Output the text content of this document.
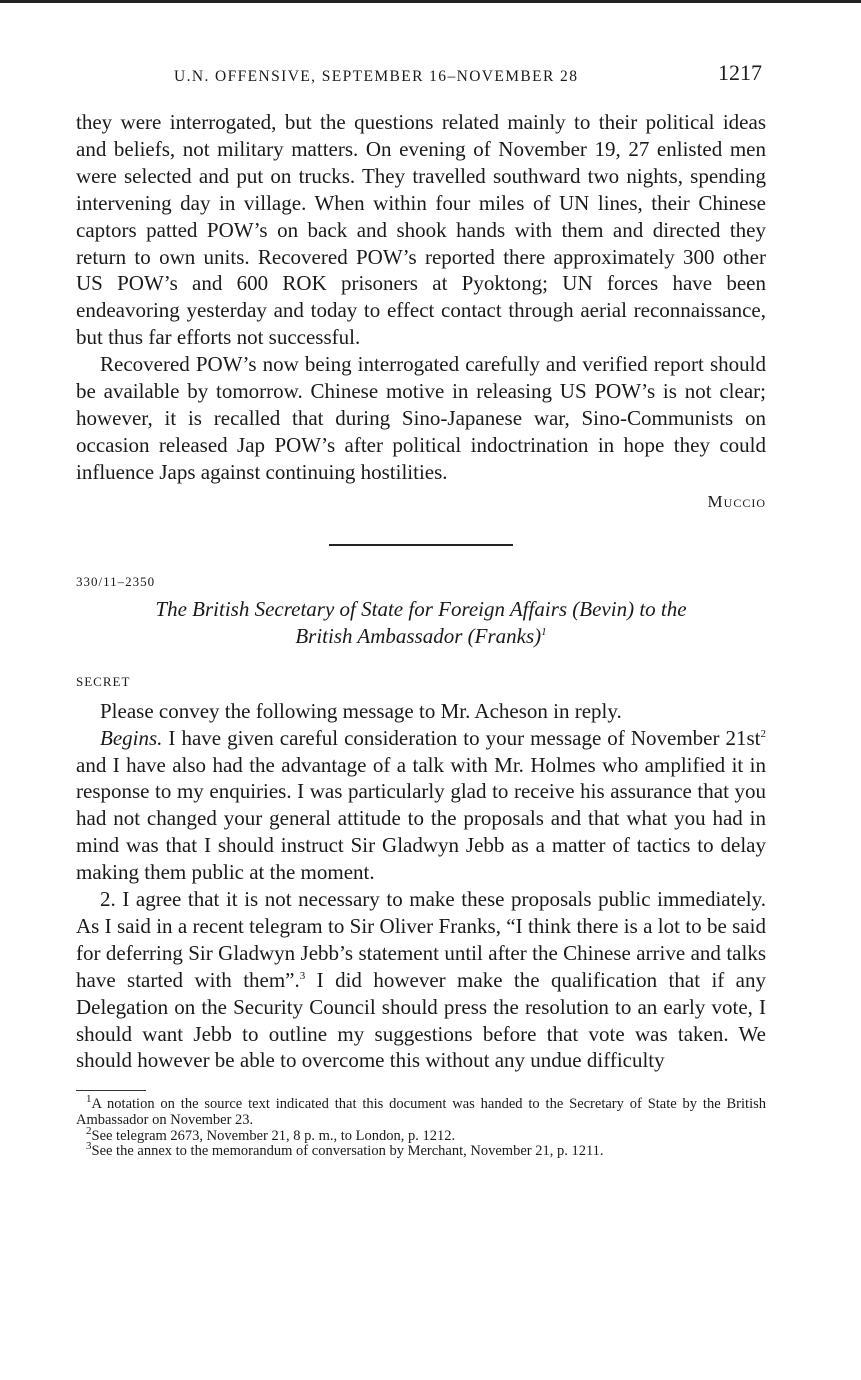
U.N. OFFENSIVE, SEPTEMBER 16–NOVEMBER 28	1217

they were interrogated, but the questions related mainly to their political ideas and beliefs, not military matters. On evening of November 19, 27 enlisted men were selected and put on trucks. They travelled southward two nights, spending intervening day in village. When within four miles of UN lines, their Chinese captors patted POW’s on back and shook hands with them and directed they return to own units. Recovered POW’s reported there approximately 300 other US POW’s and 600 ROK prisoners at Pyoktong; UN forces have been endeavoring yesterday and today to effect contact through aerial reconnaissance, but thus far efforts not successful.

Recovered POW’s now being interrogated carefully and verified report should be available by tomorrow. Chinese motive in releasing US POW’s is not clear; however, it is recalled that during Sino-Japanese war, Sino-Communists on occasion released Jap POW’s after political indoctrination in hope they could influence Japs against continuing hostilities.

Muccio
330/11–2350
The British Secretary of State for Foreign Affairs (Bevin) to the
British Ambassador (Franks)$^1$
SECRET

Please convey the following message to Mr. Acheson in reply.

Begins. I have given careful consideration to your message of November $21st^2$ and I have also had the advantage of a talk with Mr. Holmes who amplified it in response to my enquiries. I was particularly glad to receive his assurance that you had not changed your general attitude to the proposals and that what you had in mind was that I should instruct Sir Gladwyn Jebb as a matter of tactics to delay making them public at the moment.

2. I agree that it is not necessary to make these proposals public immediately. As I said in a recent telegram to Sir Oliver Franks, “I think there is a lot to be said for deferring Sir Gladwyn Jebb’s statement until after the Chinese arrive and talks have started with them”.$^3$ I did however make the qualification that if any Delegation on the Security Council should press the resolution to an early vote, I should want Jebb to outline my suggestions before that vote was taken. We should however be able to overcome this without any undue difficulty

$^1$A notation on the source text indicated that this document was handed to the Secretary of State by the British Ambassador on November 23.

$^2$See telegram 2673, November 21, 8 p. m., to London, p. 1212.

$^3$See the annex to the memorandum of conversation by Merchant, November 21, p. 1211.
